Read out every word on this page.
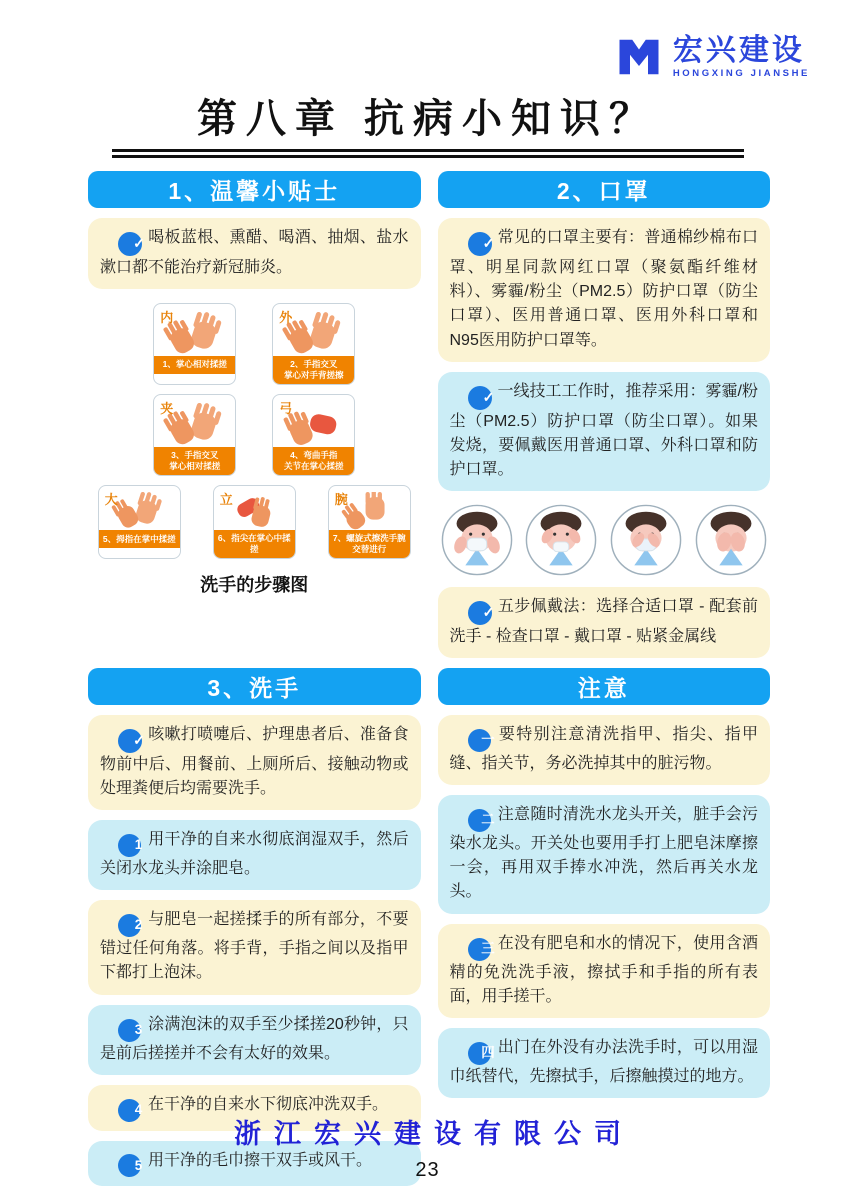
宏兴建设
HONGXING JIANSHE
第八章 抗病小知识？
1、温馨小贴士

✓ 喝板蓝根、熏醋、喝酒、抽烟、盐水漱口都不能治疗新冠肺炎。

内
1、掌心相对揉搓
外
2、手指交叉
掌心对手背搓擦
夹
3、手指交叉
掌心相对揉搓
弓
4、弯曲手指
关节在掌心揉搓
大
5、拇指在掌中揉搓
立
6、指尖在掌心中揉搓
腕
7、螺旋式擦洗手腕
交替进行
洗手的步骤图
3、洗手

✓ 咳嗽打喷嚏后、护理患者后、准备食物前中后、用餐前、上厕所后、接触动物或处理粪便后均需要洗手。

1 用干净的自来水彻底润湿双手，然后关闭水龙头并涂肥皂。

2 与肥皂一起搓揉手的所有部分，不要错过任何角落。将手背，手指之间以及指甲下都打上泡沫。

3 涂满泡沫的双手至少揉搓20秒钟，只是前后搓搓并不会有太好的效果。

4 在干净的自来水下彻底冲洗双手。

5 用干净的毛巾擦干双手或风干。

2、口罩

✓ 常见的口罩主要有：普通棉纱棉布口罩、明星同款网红口罩（聚氨酯纤维材料）、雾霾/粉尘（PM2.5）防护口罩（防尘口罩）、医用普通口罩、医用外科口罩和N95医用防护口罩等。

✓ 一线技工工作时，推荐采用：雾霾/粉尘（PM2.5）防护口罩（防尘口罩）。如果发烧，要佩戴医用普通口罩、外科口罩和防护口罩。

✓ 五步佩戴法：选择合适口罩 - 配套前洗手 - 检查口罩 - 戴口罩 - 贴紧金属线

注意

一 要特别注意清洗指甲、指尖、指甲缝、指关节，务必洗掉其中的脏污物。

二 注意随时清洗水龙头开关，脏手会污染水龙头。开关处也要用手打上肥皂沫摩擦一会，再用双手捧水冲洗，然后再关水龙头。

三 在没有肥皂和水的情况下，使用含酒精的免洗洗手液，擦拭手和手指的所有表面，用手搓干。

四 出门在外没有办法洗手时，可以用湿巾纸替代，先擦拭手，后擦触摸过的地方。

浙江宏兴建设有限公司
23
